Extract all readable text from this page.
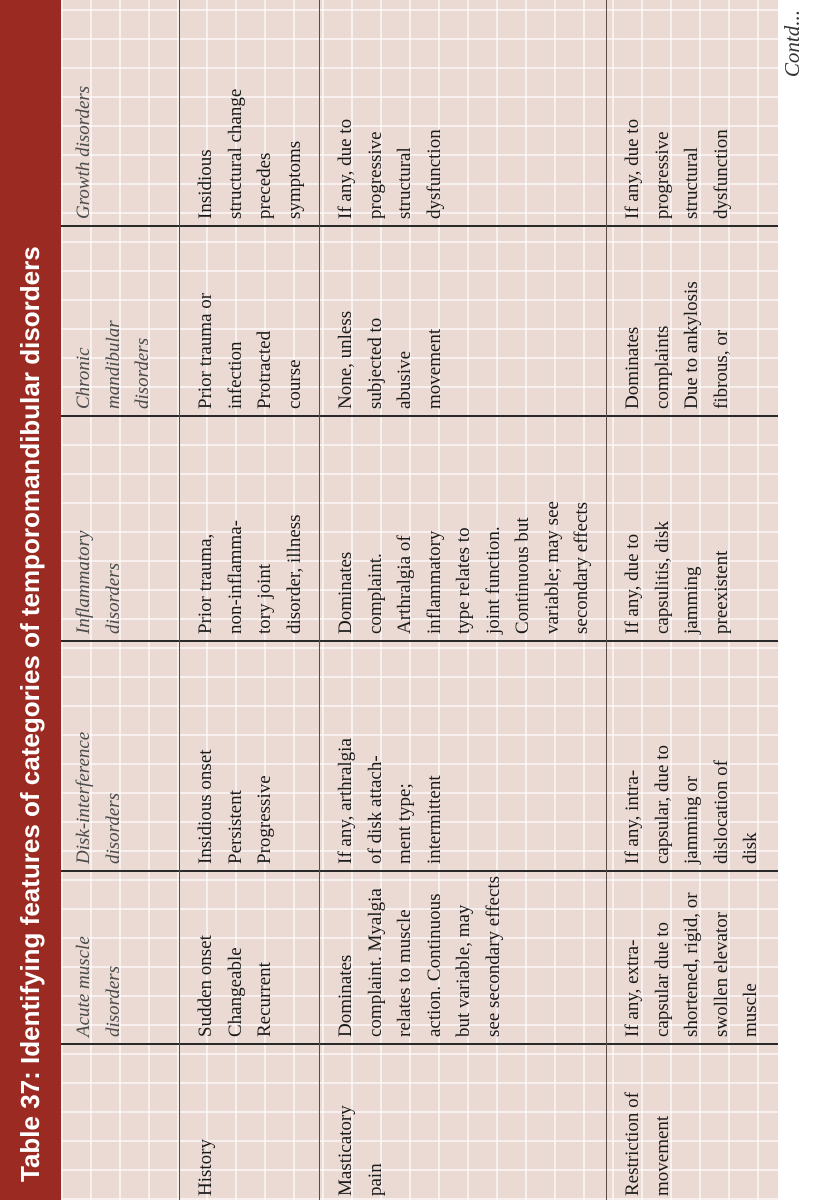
Table 37: Identifying features of categories of temporomandibular disorders	Acute muscle disorders
Disk-interference disorders
Inflammatory disorders
Chronic mandibular disorders
Growth disorders
History
Sudden onset Changeable Recurrent
Insidious onset Persistent Progressive
Prior trauma, non-inflamma- tory joint disorder, illness
Prior trauma or infection Protracted course
Insidious structural change precedes symptoms
Masticatory pain
Dominates complaint. Myalgia relates to muscle action. Continuous but variable, may see secondary effects
If any, arthralgia of disk attach- ment type; intermittent
Dominates complaint. Arthralgia of inflammatory type relates to joint function. Continuous but variable; may see secondary effects
None, unless subjected to abusive movement
If any, due to progressive structural dysfunction
Restriction of movement
If any, extra- capsular due to shortened, rigid, or swollen elevator muscle
If any, intra- capsular, due to jamming or dislocation of disk
If any, due to capsulitis, disk jamming preexistent
Dominates complaints Due to ankylosis fibrous, or
If any, due to progressive structural dysfunction
Contd...
